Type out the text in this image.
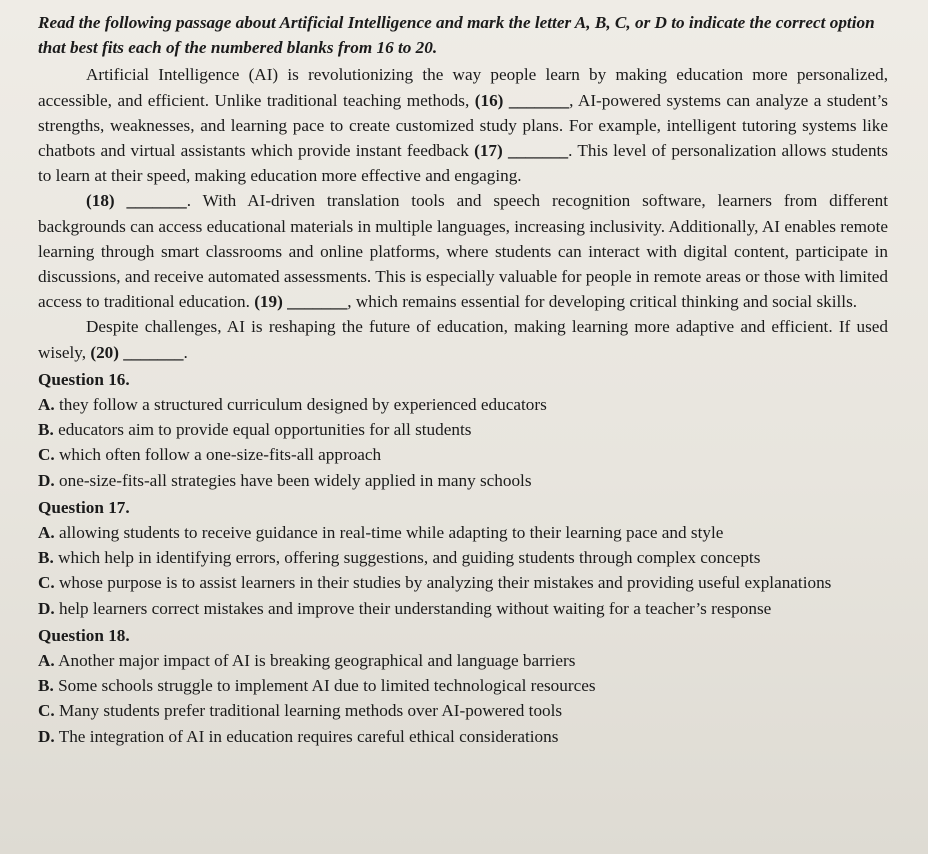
Read the following passage about Artificial Intelligence and mark the letter A, B, C, or D to indicate the correct option that best fits each of the numbered blanks from 16 to 20.

Artificial Intelligence (AI) is revolutionizing the way people learn by making education more personalized, accessible, and efficient. Unlike traditional teaching methods, (16) _______, AI-powered systems can analyze a student’s strengths, weaknesses, and learning pace to create customized study plans. For example, intelligent tutoring systems like chatbots and virtual assistants which provide instant feedback (17) _______. This level of personalization allows students to learn at their speed, making education more effective and engaging.

(18) _______. With AI-driven translation tools and speech recognition software, learners from different backgrounds can access educational materials in multiple languages, increasing inclusivity. Additionally, AI enables remote learning through smart classrooms and online platforms, where students can interact with digital content, participate in discussions, and receive automated assessments. This is especially valuable for people in remote areas or those with limited access to traditional education. (19) _______, which remains essential for developing critical thinking and social skills.

Despite challenges, AI is reshaping the future of education, making learning more adaptive and efficient. If used wisely, (20) _______.

Question 16.

A. they follow a structured curriculum designed by experienced educators

B. educators aim to provide equal opportunities for all students

C. which often follow a one-size-fits-all approach

D. one-size-fits-all strategies have been widely applied in many schools

Question 17.

A. allowing students to receive guidance in real-time while adapting to their learning pace and style

B. which help in identifying errors, offering suggestions, and guiding students through complex concepts

C. whose purpose is to assist learners in their studies by analyzing their mistakes and providing useful explanations

D. help learners correct mistakes and improve their understanding without waiting for a teacher’s response

Question 18.

A. Another major impact of AI is breaking geographical and language barriers

B. Some schools struggle to implement AI due to limited technological resources

C. Many students prefer traditional learning methods over AI-powered tools

D. The integration of AI in education requires careful ethical considerations
